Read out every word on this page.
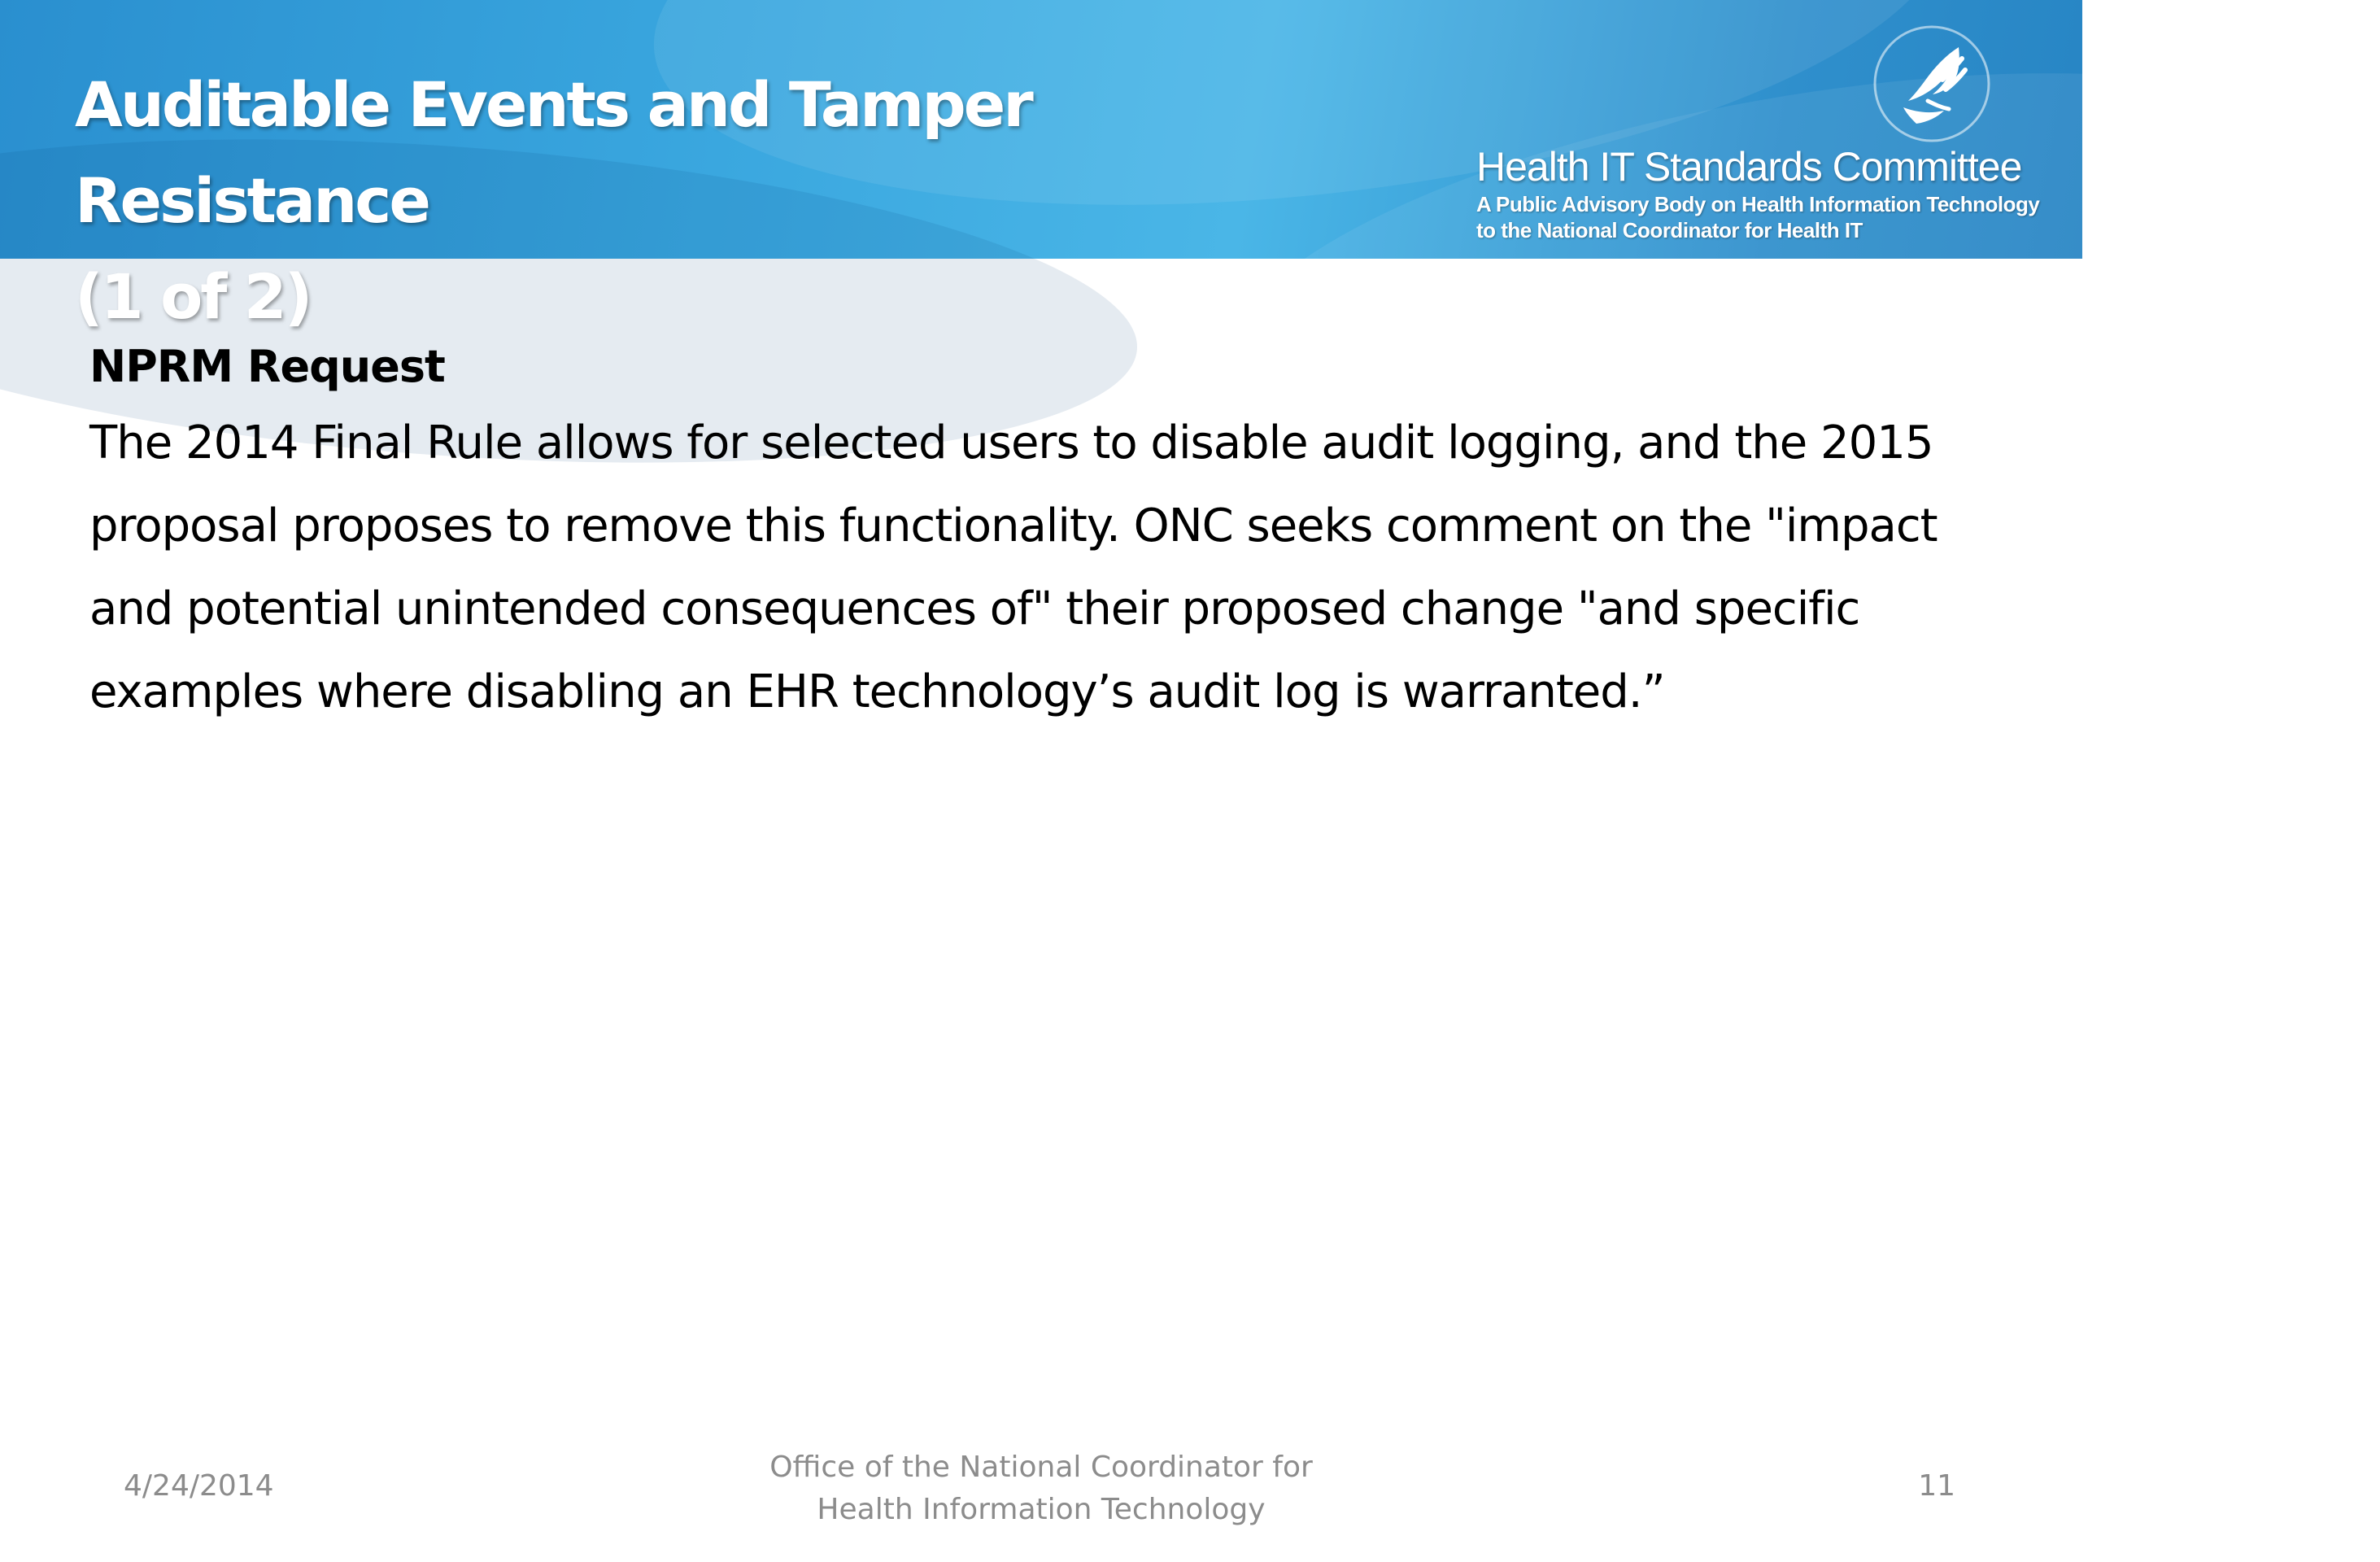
Auditable Events and Tamper Resistance
(1 of 2)
Health IT Standards Committee
A Public Advisory Body on Health Information Technology
to the National Coordinator for Health IT
NPRM Request

The 2014 Final Rule allows for selected users to disable audit logging, and the 2015 proposal proposes to remove this functionality. ONC seeks comment on the "impact and potential unintended consequences of" their proposed change "and specific examples where disabling an EHR technology’s audit log is warranted.”

4/24/2014
Office of the National Coordinator for
Health Information Technology
11
